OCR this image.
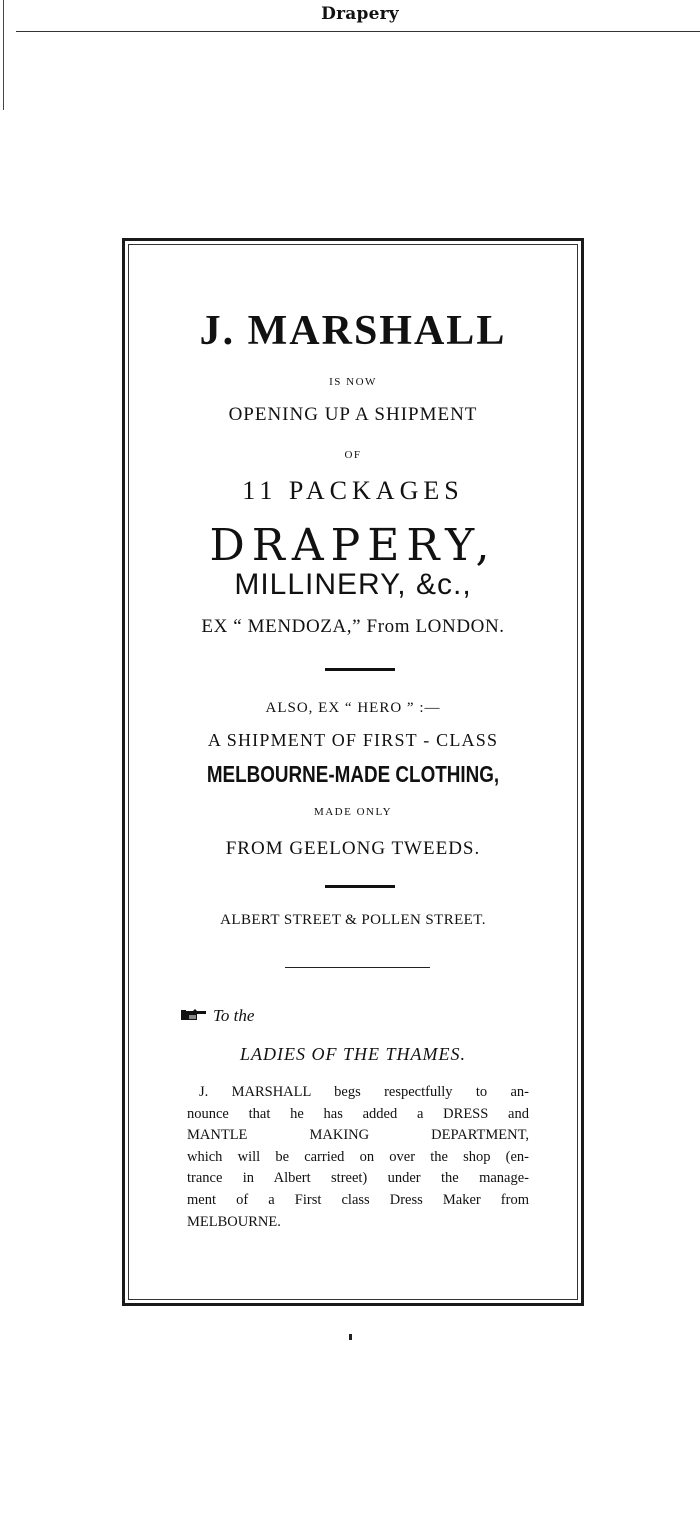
Drapery
J. MARSHALL
IS NOW
OPENING UP A SHIPMENT
OF
11 PACKAGES
DRAPERY,
MILLINERY, &c.,
EX “ MENDOZA,” From LONDON.
ALSO, EX “ HERO ” :—
A SHIPMENT OF FIRST - CLASS
MELBOURNE-MADE CLOTHING,
MADE ONLY
FROM GEELONG TWEEDS.
ALBERT STREET & POLLEN STREET.
To the
LADIES OF THE THAMES.
J. MARSHALL begs respectfully to an-
nounce that he has added a DRESS and
MANTLE MAKING DEPARTMENT,
which will be carried on over the shop (en-
trance in Albert street) under the manage-
ment of a First class Dress Maker from
MELBOURNE.
